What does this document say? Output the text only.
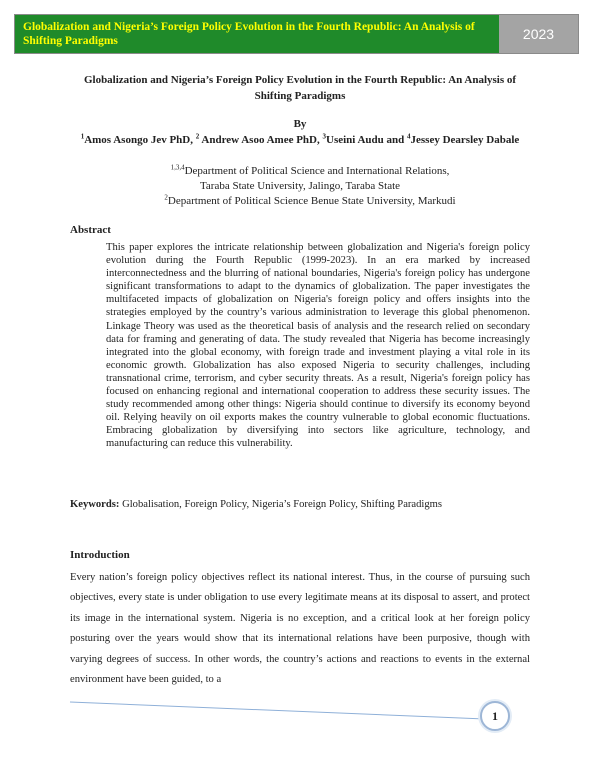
Globalization and Nigeria’s Foreign Policy Evolution in the Fourth Republic: An Analysis of Shifting Paradigms	2023
Globalization and Nigeria’s Foreign Policy Evolution in the Fourth Republic: An Analysis of Shifting Paradigms
By
$^1$Amos Asongo Jev PhD, $^2$ Andrew Asoo Amee PhD, $^3$Useini Audu and $^4$Jessey Dearsley Dabale
$^{1,3,4}$Department of Political Science and International Relations,
Taraba State University, Jalingo, Taraba State
$^2$Department of Political Science Benue State University, Markudi
Abstract
This paper explores the intricate relationship between globalization and Nigeria's foreign policy evolution during the Fourth Republic (1999-2023). In an era marked by increased interconnectedness and the blurring of national boundaries, Nigeria's foreign policy has undergone significant transformations to adapt to the dynamics of globalization. The paper investigates the multifaceted impacts of globalization on Nigeria's foreign policy and offers insights into the strategies employed by the country’s various administration to leverage this global phenomenon. Linkage Theory was used as the theoretical basis of analysis and the research relied on secondary data for framing and generating of data. The study revealed that Nigeria has become increasingly integrated into the global economy, with foreign trade and investment playing a vital role in its economic growth. Globalization has also exposed Nigeria to security challenges, including transnational crime, terrorism, and cyber security threats. As a result, Nigeria's foreign policy has focused on enhancing regional and international cooperation to address these security issues. The study recommended among other things: Nigeria should continue to diversify its economy beyond oil. Relying heavily on oil exports makes the country vulnerable to global economic fluctuations. Embracing globalization by diversifying into sectors like agriculture, technology, and manufacturing can reduce this vulnerability.
Keywords: Globalisation, Foreign Policy, Nigeria’s Foreign Policy, Shifting Paradigms
Introduction
Every nation’s foreign policy objectives reflect its national interest. Thus, in the course of pursuing such objectives, every state is under obligation to use every legitimate means at its disposal to assert, and protect its image in the international system. Nigeria is no exception, and a critical look at her foreign policy posturing over the years would show that its international relations have been purposive, though with varying degrees of success. In other words, the country’s actions and reactions to events in the external environment have been guided, to a
1
